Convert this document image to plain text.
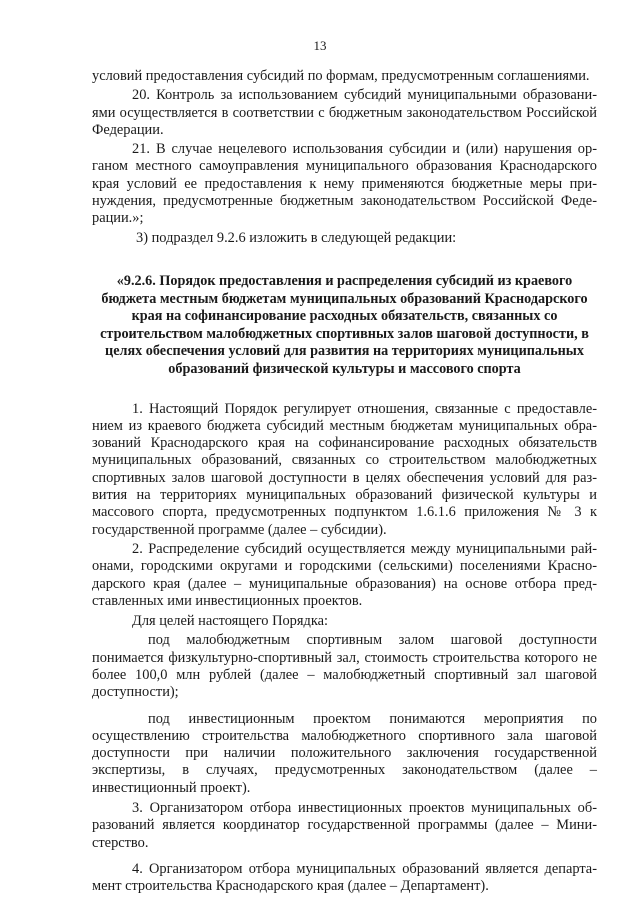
13

условий предоставления субсидий по формам, предусмотренным соглашениями.

20. Контроль за использованием субсидий муниципальными образованиями осуществляется в соответствии с бюджетным законодательством Российской Федерации.

21. В случае нецелевого использования субсидии и (или) нарушения органом местного самоуправления муниципального образования Краснодарского края условий ее предоставления к нему применяются бюджетные меры принуждения, предусмотренные бюджетным законодательством Российской Федерации.»;

3) подраздел 9.2.6 изложить в следующей редакции:

«9.2.6. Порядок предоставления и распределения субсидий из краевого бюджета местным бюджетам муниципальных образований Краснодарского края на софинансирование расходных обязательств, связанных со строительством малобюджетных спортивных залов шаговой доступности, в целях обеспечения условий для развития на территориях муниципальных образований физической культуры и массового спорта

1. Настоящий Порядок регулирует отношения, связанные с предоставлением из краевого бюджета субсидий местным бюджетам муниципальных образований Краснодарского края на софинансирование расходных обязательств муниципальных образований, связанных со строительством малобюджетных спортивных залов шаговой доступности в целях обеспечения условий для развития на территориях муниципальных образований физической культуры и массового спорта, предусмотренных подпунктом 1.6.1.6 приложения № 3 к государственной программе (далее – субсидии).

2. Распределение субсидий осуществляется между муниципальными районами, городскими округами и городскими (сельскими) поселениями Краснодарского края (далее – муниципальные образования) на основе отбора представленных ими инвестиционных проектов.

Для целей настоящего Порядка:

под малобюджетным спортивным залом шаговой доступности понимается физкультурно-спортивный зал, стоимость строительства которого не более 100,0 млн рублей (далее – малобюджетный спортивный зал шаговой доступности);

под инвестиционным проектом понимаются мероприятия по осуществлению строительства малобюджетного спортивного зала шаговой доступности при наличии положительного заключения государственной экспертизы, в случаях, предусмотренных законодательством (далее – инвестиционный проект).

3. Организатором отбора инвестиционных проектов муниципальных образований является координатор государственной программы (далее – Министерство.

4. Организатором отбора муниципальных образований является департамент строительства Краснодарского края (далее – Департамент).
